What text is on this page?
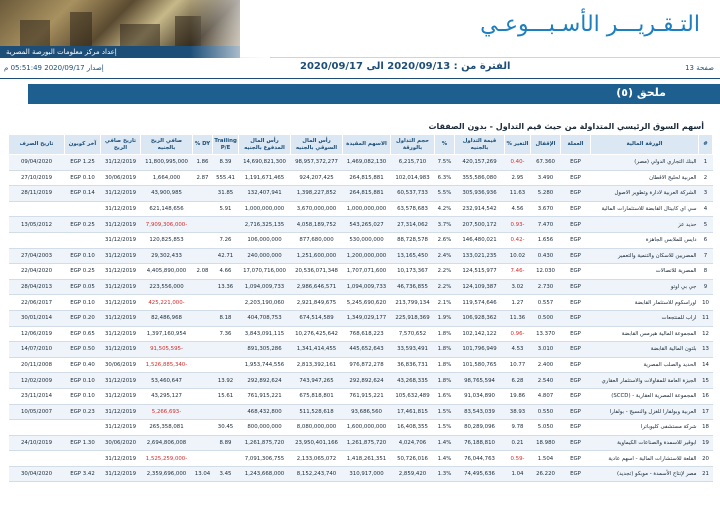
إعداد مركز معلومات البورصة المصرية
التـقـريـــر الأسـبـــوعـي
إصدار 2020/09/17 05:51:49 م	الفترة من : 2020/09/13 الى 2020/09/17	صفحة 13
ملحق (٥)
أسهم السوق الرئيسي المتداولة من حيث قيم التداول - بدون الصفقات
#	الورقة المالية	العملة	الإقفال	التغير %	قيمة التداول بالجنيه	%	حجم التداول بالورقة	الاسهم المقيدة	رأس المال السوقي بالجنيه	رأس المال المدفوع بالجنيه	Trailing P/E	DY %	صافي الربح بالجنيه	تاريخ صافي الربح	آخر كوبون	تاريخ الصرف
1	البنك التجاري الدولي (مصر)	EGP	67.360	-0.40	420,157,269	7.5%	6,215,710	1,469,082,130	98,957,372,277	14,690,821,300	8.39	1.86	11,800,995,000	31/12/2019	EGP 1.25	09/04/2020
2	العربية لحليج الاقطان	EGP	3.490	2.95	355,586,080	6.3%	102,014,983	264,815,881	924,207,425	1,191,671,465	555.41	2.87	1,664,000	30/06/2019	EGP 0.10	27/10/2019
3	الشركة العربية لادارة وتطوير الاصول	EGP	5.280	11.63	305,936,936	5.5%	60,537,733	264,815,881	1,398,227,852	132,407,941	31.85		43,900,985	31/12/2019	EGP 0.14	28/11/2019
4	سي اي كابيتال القابضة للاستثمارات المالية	EGP	3.670	4.56	232,914,542	4.2%	63,578,683	1,000,000,000	3,670,000,000	1,000,000,000	5.91		621,148,656	31/12/2019		
5	حديد عز	EGP	7.470	-0.93	207,500,172	3.7%	27,314,062	543,265,027	4,058,189,752	2,716,325,135			-7,909,306,000	31/12/2019	EGP 0.25	13/05/2012
6	دايس للملابس الجاهزة	EGP	1.656	-0.42	146,480,021	2.6%	88,728,578	530,000,000	877,680,000	106,000,000	7.26		120,825,853	31/12/2019		
7	المصريين للاسكان والتنمية والتعمير	EGP	0.430	10.02	133,021,235	2.4%	13,165,450	1,200,000,000	1,251,600,000	240,000,000	42.71		29,302,433	31/12/2019	EGP 0.10	27/04/2003
8	المصرية للاتصالات	EGP	12.030	-7.46	124,515,977	2.2%	10,173,367	1,707,071,600	20,536,071,348	17,070,716,000	4.66	2.08	4,405,890,000	31/12/2019	EGP 0.25	22/04/2020
9	جي بي اوتو	EGP	2.730	3.02	124,109,387	2.2%	46,736,855	1,094,009,733	2,986,646,571	1,094,009,733	13.36		223,556,000	31/12/2019	EGP 0.05	28/04/2013
10	اوراسكوم للاستثمار القابضة	EGP	0.557	1.27	119,574,646	2.1%	213,799,134	5,245,690,620	2,921,849,675	2,203,190,060			-425,221,000	31/12/2019	EGP 0.10	22/06/2017
11	اراب للمنتجعات	EGP	0.500	11.36	106,928,362	1.9%	225,918,369	1,349,029,177	674,514,589	404,708,753	8.18		82,486,968	31/12/2019	EGP 0.20	30/01/2014
12	المجموعة المالية هيرمس القابضة	EGP	13.370	-0.96	102,142,122	1.8%	7,570,652	768,618,223	10,276,425,642	3,843,091,115	7.36		1,397,160,954	31/12/2019	EGP 0.65	12/06/2019
13	بلتون المالية القابضة	EGP	3.010	4.53	101,796,949	1.8%	33,593,491	445,652,643	1,341,414,455	891,305,286			-91,505,595	31/12/2019	EGP 0.50	14/07/2010
14	الحديد والصلب المصرية	EGP	2.400	10.77	101,580,765	1.8%	36,836,731	976,872,278	2,813,392,161	1,953,744,556			-1,526,885,340	30/06/2019	EGP 0.40	20/11/2008
15	الجيزة العامة للمقاولات والاستثمار العقاري	EGP	2.540	6.28	98,765,594	1.8%	43,268,335	292,892,624	743,947,265	292,892,624	13.92		53,460,647	31/12/2019	EGP 0.10	12/02/2009
16	المجموعة المصرية العقارية - (SCCD)	EGP	4.807	19.86	91,034,890	1.6%	105,632,489	761,915,221	675,818,801	761,915,221	15.61		43,295,127	31/12/2019	EGP 0.10	23/11/2014
17	العربية وبولفارا للغزل والنسيج - بولفارا	EGP	0.550	38.93	83,543,039	1.5%	17,461,815	93,686,560	511,528,618	468,432,800			-5,266,693	31/12/2019	EGP 0.23	10/05/2007
18	شركة مستشفى كليوباترا	EGP	5.050	9.78	80,289,096	1.5%	16,408,355	1,600,000,000	8,080,000,000	800,000,000	30.45		265,358,081	31/12/2019		
19	ابوقير للاسمدة والصناعات الكيماوية	EGP	18.980	0.21	76,188,810	1.4%	4,024,706	1,261,875,720	23,950,401,166	1,261,875,720	8.89		2,694,806,008	30/06/2020	EGP 1.30	24/10/2019
20	القلعة للاستشارات المالية - اسهم عادية	EGP	1.504	-0.59	76,044,763	1.4%	50,726,016	1,418,261,351	2,133,065,072	7,091,306,755			-1,525,259,000	31/12/2019		
21	مصر لإنتاج الأسمدة - موبكو (تجديد)	EGP	26.220	1.04	74,495,636	1.3%	2,859,420	310,917,000	8,152,243,740	1,243,668,000	3.45	13.04	2,359,696,000	31/12/2019	EGP 3.42	30/04/2020
